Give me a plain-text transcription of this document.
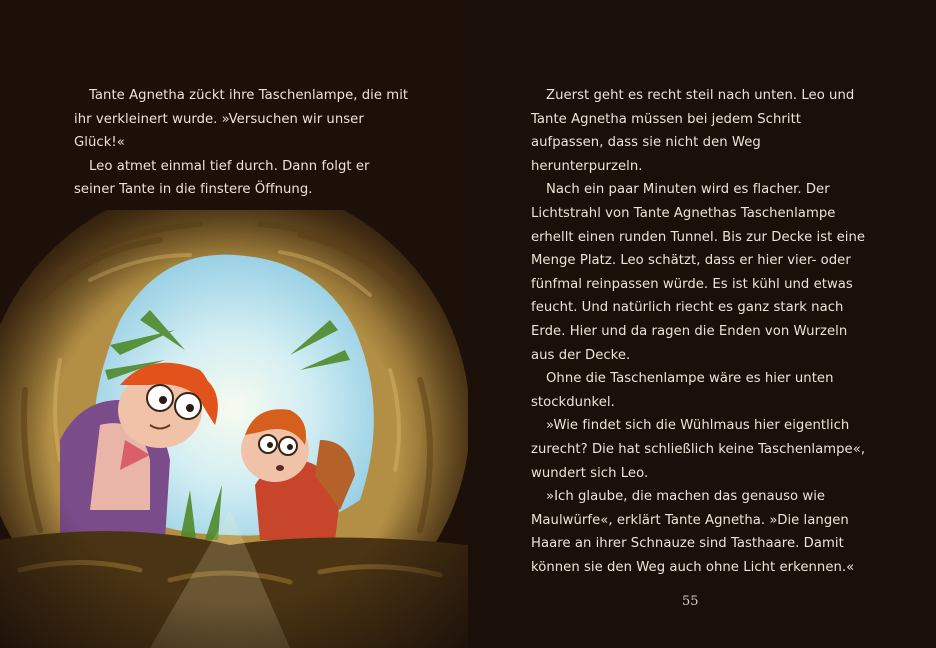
Tante Agnetha zückt ihre Taschenlampe, die mit ihr verkleinert wurde. »Versuchen wir unser Glück!«

Leo atmet einmal tief durch. Dann folgt er seiner Tante in die finstere Öffnung.

Zuerst geht es recht steil nach unten. Leo und Tante Agnetha müssen bei jedem Schritt aufpassen, dass sie nicht den Weg herunterpurzeln.

Nach ein paar Minuten wird es flacher. Der Lichtstrahl von Tante Agnethas Taschenlampe erhellt einen runden Tunnel. Bis zur Decke ist eine Menge Platz. Leo schätzt, dass er hier vier- oder fünfmal reinpassen würde. Es ist kühl und etwas feucht. Und natürlich riecht es ganz stark nach Erde. Hier und da ragen die Enden von Wurzeln aus der Decke.

Ohne die Taschenlampe wäre es hier unten stockdunkel.

»Wie findet sich die Wühlmaus hier eigentlich zurecht? Die hat schließlich keine Taschenlampe«, wundert sich Leo.

»Ich glaube, die machen das genauso wie Maulwürfe«, erklärt Tante Agnetha. »Die langen Haare an ihrer Schnauze sind Tasthaare. Damit können sie den Weg auch ohne Licht erkennen.«

55
